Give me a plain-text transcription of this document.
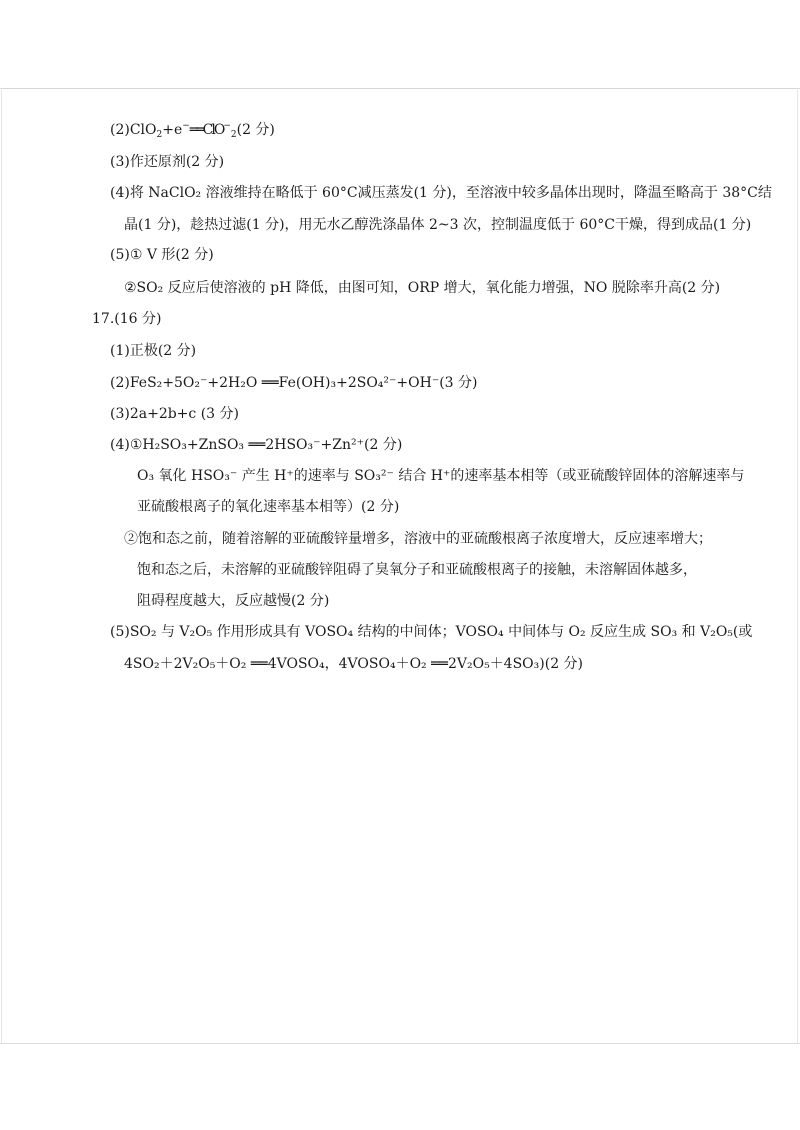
(2)ClO$_2$+e−══ClO−$_2$(2 分)
(3)作还原剂(2 分)
(4)将 NaClO₂ 溶液维持在略低于 60°C减压蒸发(1 分)，至溶液中较多晶体出现时，降温至略高于 38°C结
晶(1 分)，趁热过滤(1 分)，用无水乙醇洗涤晶体 2~3 次，控制温度低于 60°C干燥，得到成品(1 分)
(5)① V 形(2 分)
②SO₂ 反应后使溶液的 pH 降低，由图可知，ORP 增大，氧化能力增强，NO 脱除率升高(2 分)
17.(16 分)
(1)正极(2 分)
(2)FeS₂+5O₂⁻+2H₂O ══Fe(OH)₃+2SO₄²⁻+OH⁻(3 分)
(3)2a+2b+c (3 分)
(4)①H₂SO₃+ZnSO₃ ══2HSO₃⁻+Zn²⁺(2 分)
O₃ 氧化 HSO₃⁻ 产生 H⁺的速率与 SO₃²⁻ 结合 H⁺的速率基本相等（或亚硫酸锌固体的溶解速率与
亚硫酸根离子的氧化速率基本相等）(2 分)
②饱和态之前，随着溶解的亚硫酸锌量增多，溶液中的亚硫酸根离子浓度增大，反应速率增大；
饱和态之后，未溶解的亚硫酸锌阻碍了臭氧分子和亚硫酸根离子的接触，未溶解固体越多，
阻碍程度越大，反应越慢(2 分)
(5)SO₂ 与 V₂O₅ 作用形成具有 VOSO₄ 结构的中间体；VOSO₄ 中间体与 O₂ 反应生成 SO₃ 和 V₂O₅(或
4SO₂＋2V₂O₅＋O₂ ══4VOSO₄，4VOSO₄＋O₂ ══2V₂O₅＋4SO₃)(2 分)
